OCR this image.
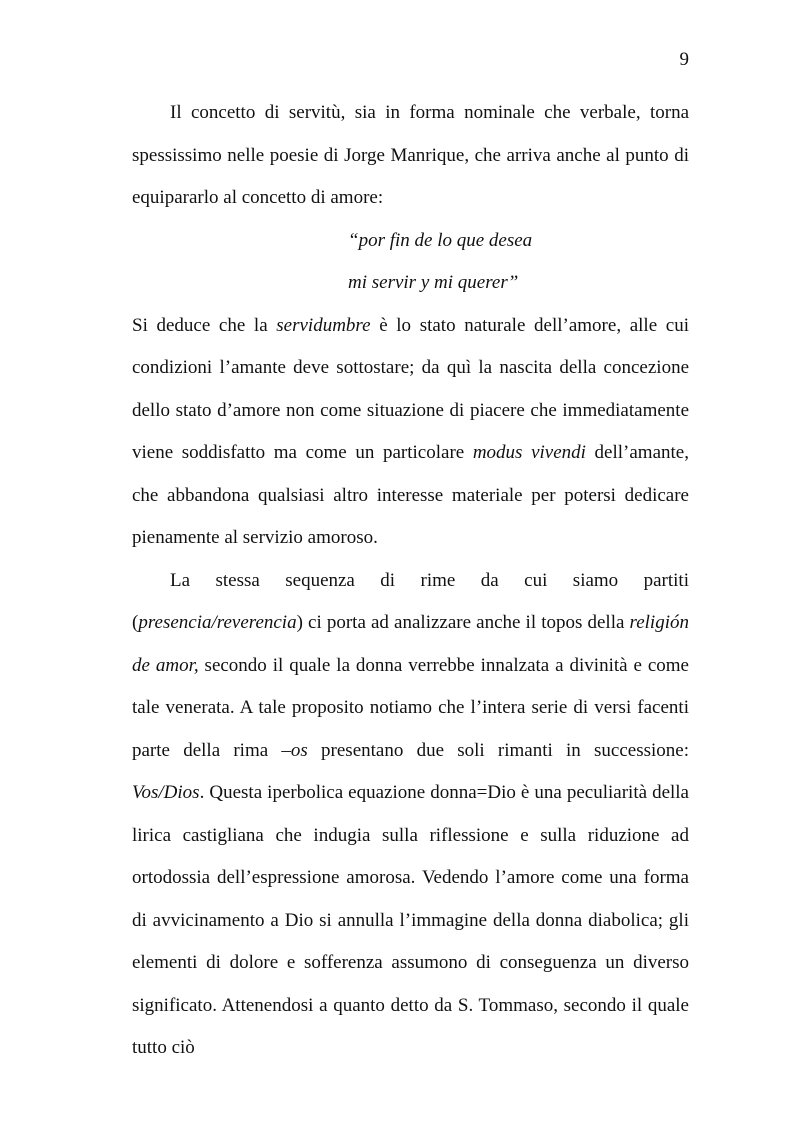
9

Il concetto di servitù, sia in forma nominale che verbale, torna spessissimo nelle poesie di Jorge Manrique, che arriva anche al punto di equipararlo al concetto di amore:

“por fin de lo que desea

mi servir y mi querer”

Si deduce che la servidumbre è lo stato naturale dell’amore, alle cui condizioni l’amante deve sottostare; da quì la nascita della concezione dello stato d’amore non come situazione di piacere che immediatamente viene soddisfatto ma come un particolare modus vivendi dell’amante, che abbandona qualsiasi altro interesse materiale per potersi dedicare pienamente al servizio amoroso.

La stessa sequenza di rime da cui siamo partiti (presencia/reverencia) ci porta ad analizzare anche il topos della religión de amor, secondo il quale la donna verrebbe innalzata a divinità e come tale venerata. A tale proposito notiamo che l’intera serie di versi facenti parte della rima –os presentano due soli rimanti in successione: Vos/Dios. Questa iperbolica equazione donna=Dio è una peculiarità della lirica castigliana che indugia sulla riflessione e sulla riduzione ad ortodossia dell’espressione amorosa. Vedendo l’amore come una forma di avvicinamento a Dio si annulla l’immagine della donna diabolica; gli elementi di dolore e sofferenza assumono di conseguenza un diverso significato. Attenendosi a quanto detto da S. Tommaso, secondo il quale tutto ciò
